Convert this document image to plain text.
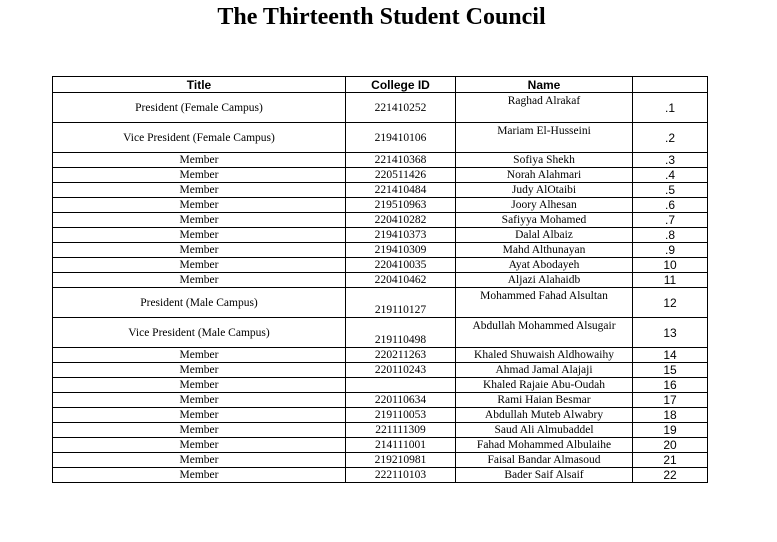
The Thirteenth Student Council
Title	College ID	Name	
President (Female Campus)	221410252	Raghad Alrakaf	.1
Vice President (Female Campus)	219410106	Mariam El-Husseini	.2
Member	221410368	Sofiya Shekh	.3
Member	220511426	Norah Alahmari	.4
Member	221410484	Judy AlOtaibi	.5
Member	219510963	Joory Alhesan	.6
Member	220410282	Safiyya Mohamed	.7
Member	219410373	Dalal Albaiz	.8
Member	219410309	Mahd Althunayan	.9
Member	220410035	Ayat Abodayeh	10
Member	220410462	Aljazi Alahaidb	11
President (Male Campus)	219110127	Mohammed Fahad Alsultan	12
Vice President (Male Campus)	219110498	Abdullah Mohammed Alsugair	13
Member	220211263	Khaled Shuwaish Aldhowaihy	14
Member	220110243	Ahmad Jamal Alajaji	15
Member		Khaled Rajaie Abu-Oudah	16
Member	220110634	Rami Haian Besmar	17
Member	219110053	Abdullah Muteb Alwabry	18
Member	221111309	Saud Ali Almubaddel	19
Member	214111001	Fahad Mohammed Albulaihe	20
Member	219210981	Faisal Bandar Almasoud	21
Member	222110103	Bader Saif Alsaif	22
